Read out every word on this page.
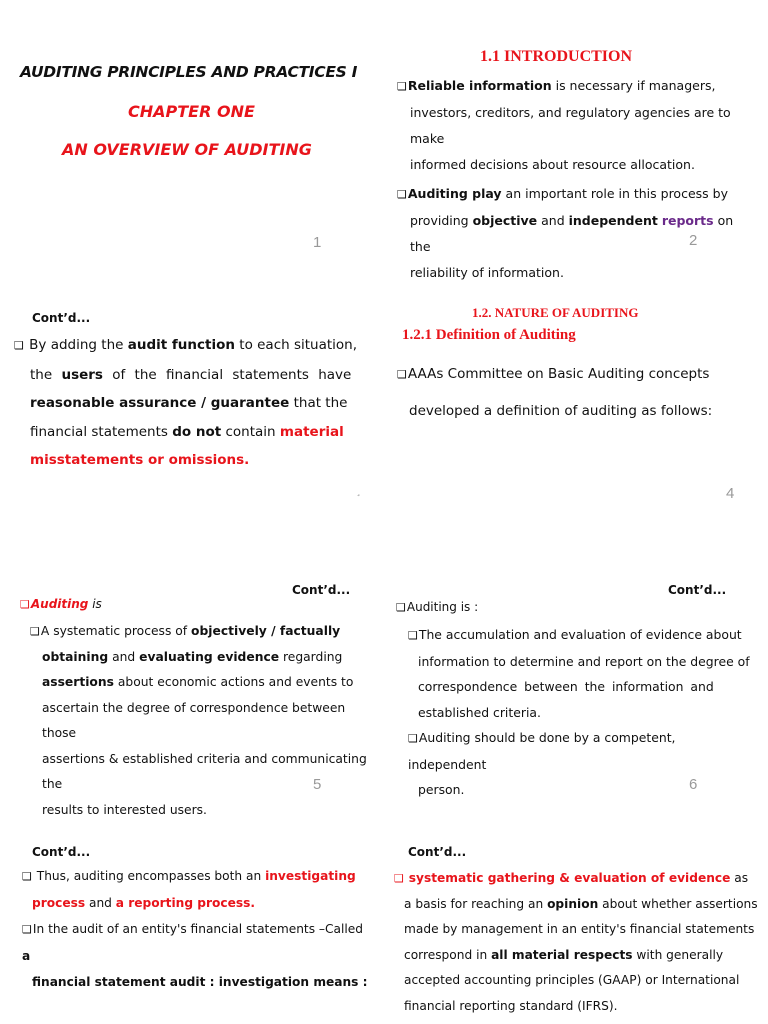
AUDITING PRINCIPLES AND PRACTICES I
CHAPTER ONE
AN OVERVIEW OF AUDITING
1
1.1 INTRODUCTION

❑Reliable information is necessary if managers,

investors, creditors, and regulatory agencies are to make

informed decisions about resource allocation.

❑Auditing play an important role in this process by

providing objective and independent reports on the

reliability of information.

2
Cont’d...

❑ By adding the audit function to each situation,

the users of the financial statements have

reasonable assurance / guarantee that the

financial statements do not contain material

misstatements or omissions.

¸
1.2. NATURE OF AUDITING
1.2.1 Definition of Auditing
❑AAAs Committee on Basic Auditing concepts
developed a definition of auditing as follows:
4
Cont’d...
❑Auditing is

❑A systematic process of objectively / factually

obtaining and evaluating evidence regarding

assertions about economic actions and events to

ascertain the degree of correspondence between those

assertions & established criteria and communicating the

results to interested users.

5
Cont’d...
❑Auditing is :

❑The accumulation and evaluation of evidence about

information to determine and report on the degree of

correspondence between the information and

established criteria.

❑Auditing should be done by a competent, independent

person.	6
Cont’d...

❑ Thus, auditing encompasses both an investigating

process and a reporting process.

❑In the audit of an entity's financial statements –Called a

financial statement audit : investigation means :

Cont’d...

❑ systematic gathering & evaluation of evidence as

a basis for reaching an opinion about whether assertions

made by management in an entity's financial statements

correspond in all material respects with generally

accepted accounting principles (GAAP) or International

financial reporting standard (IFRS).
